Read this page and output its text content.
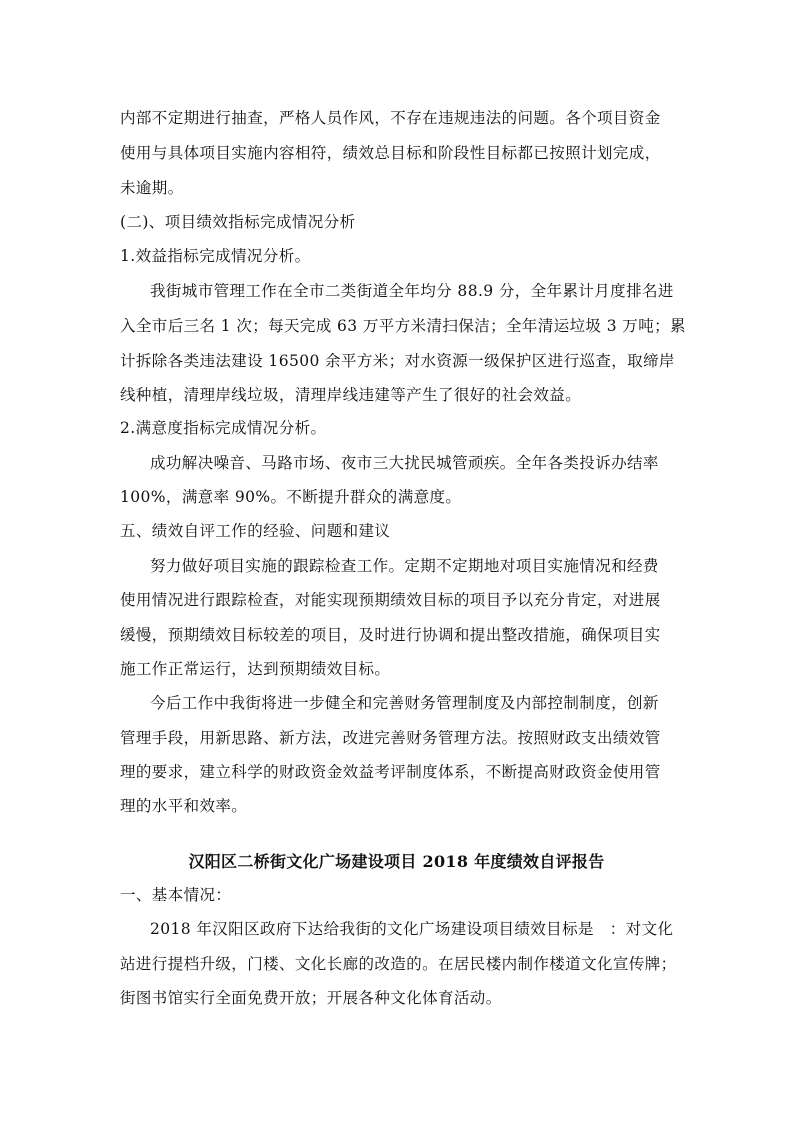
内部不定期进行抽查，严格人员作风，不存在违规违法的问题。各个项目资金
使用与具体项目实施内容相符，绩效总目标和阶段性目标都已按照计划完成，
未逾期。
(二)、项目绩效指标完成情况分析
1.效益指标完成情况分析。
我街城市管理工作在全市二类街道全年均分 88.9 分，全年累计月度排名进
入全市后三名 1 次；每天完成 63 万平方米清扫保洁；全年清运垃圾 3 万吨；累
计拆除各类违法建设 16500 余平方米；对水资源一级保护区进行巡查，取缔岸
线种植，清理岸线垃圾，清理岸线违建等产生了很好的社会效益。
2.满意度指标完成情况分析。
成功解决噪音、马路市场、夜市三大扰民城管顽疾。全年各类投诉办结率
100%，满意率 90%。不断提升群众的满意度。
五、绩效自评工作的经验、问题和建议
努力做好项目实施的跟踪检查工作。定期不定期地对项目实施情况和经费
使用情况进行跟踪检查，对能实现预期绩效目标的项目予以充分肯定，对进展
缓慢，预期绩效目标较差的项目，及时进行协调和提出整改措施，确保项目实
施工作正常运行，达到预期绩效目标。
今后工作中我街将进一步健全和完善财务管理制度及内部控制制度，创新
管理手段，用新思路、新方法，改进完善财务管理方法。按照财政支出绩效管
理的要求，建立科学的财政资金效益考评制度体系，不断提高财政资金使用管
理的水平和效率。
汉阳区二桥街文化广场建设项目 2018 年度绩效自评报告
一、基本情况：
2018 年汉阳区政府下达给我街的文化广场建设项目绩效目标是　：对文化
站进行提档升级，门楼、文化长廊的改造的。在居民楼内制作楼道文化宣传牌；
街图书馆实行全面免费开放；开展各种文化体育活动。
